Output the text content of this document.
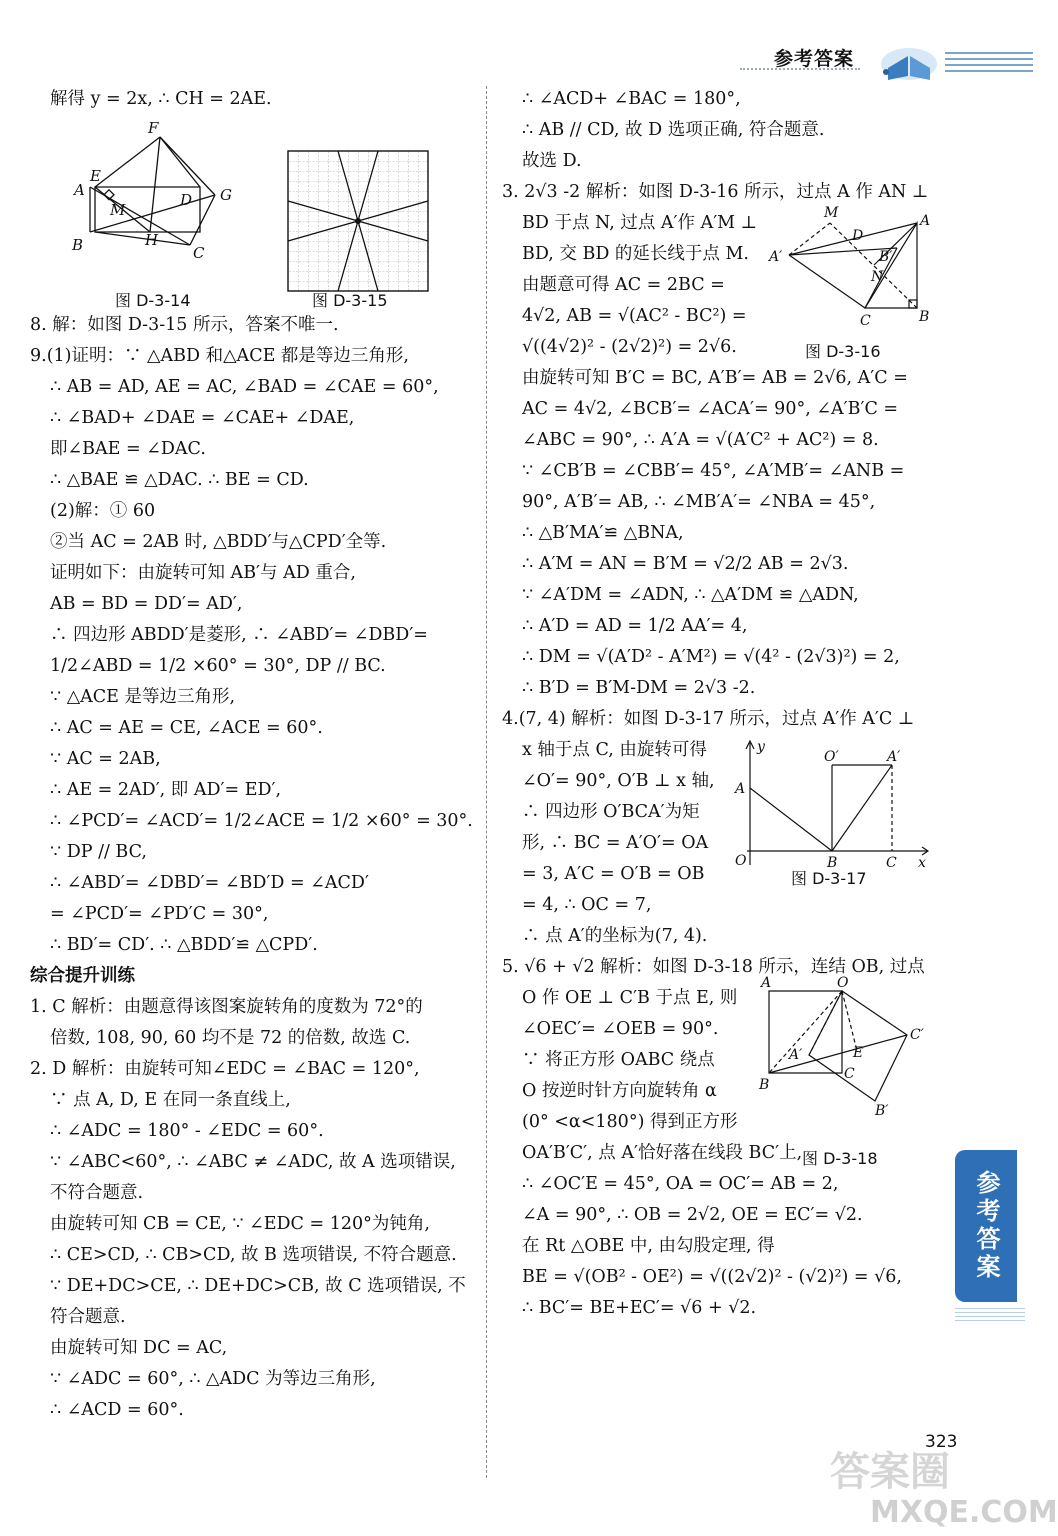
参考答案
解得 y = 2x, ∴ CH = 2AE.
F
E
A
M
D G
H
B	C
图 D-3-14	图 D-3-15
8. 解：如图 D-3-15 所示，答案不唯一.
9.(1)证明：∵ △ABD 和△ACE 都是等边三角形,
∴ AB = AD, AE = AC, ∠BAD = ∠CAE = 60°,
∴ ∠BAD+ ∠DAE = ∠CAE+ ∠DAE,
即∠BAE = ∠DAC.
∴ △BAE ≌ △DAC. ∴ BE = CD.
(2)解：① 60
②当 AC = 2AB 时, △BDD′与△CPD′全等.
证明如下：由旋转可知 AB′与 AD 重合,
AB = BD = DD′= AD′,
∴ 四边形 ABDD′是菱形, ∴ ∠ABD′= ∠DBD′=
1/2∠ABD = 1/2 ×60° = 30°, DP // BC.
∵ △ACE 是等边三角形,
∴ AC = AE = CE, ∠ACE = 60°.
∵ AC = 2AB,
∴ AE = 2AD′, 即 AD′= ED′,
∴ ∠PCD′= ∠ACD′= 1/2∠ACE = 1/2 ×60° = 30°.
∵ DP // BC,
∴ ∠ABD′= ∠DBD′= ∠BD′D = ∠ACD′
= ∠PCD′= ∠PD′C = 30°,
∴ BD′= CD′. ∴ △BDD′≌ △CPD′.
综合提升训练
1. C 解析：由题意得该图案旋转角的度数为 72°的
倍数, 108, 90, 60 均不是 72 的倍数, 故选 C.
2. D 解析：由旋转可知∠EDC = ∠BAC = 120°,
∵ 点 A, D, E 在同一条直线上,
∴ ∠ADC = 180° - ∠EDC = 60°.
∵ ∠ABC<60°, ∴ ∠ABC ≠ ∠ADC, 故 A 选项错误,
不符合题意.
由旋转可知 CB = CE, ∵ ∠EDC = 120°为钝角,
∴ CE>CD, ∴ CB>CD, 故 B 选项错误, 不符合题意.
∵ DE+DC>CE, ∴ DE+DC>CB, 故 C 选项错误, 不
符合题意.
由旋转可知 DC = AC,
∵ ∠ADC = 60°, ∴ △ADC 为等边三角形,
∴ ∠ACD = 60°.
∴ ∠ACD+ ∠BAC = 180°,
∴ AB // CD, 故 D 选项正确, 符合题意.
故选 D.
3. 2√3 -2 解析：如图 D-3-16 所示，过点 A 作 AN ⊥
BD 于点 N, 过点 A′作 A′M ⊥
BD, 交 BD 的延长线于点 M.
由题意可得 AC = 2BC =
4√2, AB = √(AC² - BC²) =
√((4√2)² - (2√2)²) = 2√6.
M
D
A
A′	B′
N
C	B
图 D-3-16
由旋转可知 B′C = BC, A′B′= AB = 2√6, A′C =
AC = 4√2, ∠BCB′= ∠ACA′= 90°, ∠A′B′C =
∠ABC = 90°, ∴ A′A = √(A′C² + AC²) = 8.
∵ ∠CB′B = ∠CBB′= 45°, ∠A′MB′= ∠ANB =
90°, A′B′= AB, ∴ ∠MB′A′= ∠NBA = 45°,
∴ △B′MA′≌ △BNA,
∴ A′M = AN = B′M = √2/2 AB = 2√3.
∵ ∠A′DM = ∠ADN, ∴ △A′DM ≌ △ADN,
∴ A′D = AD = 1/2 AA′= 4,
∴ DM = √(A′D² - A′M²) = √(4² - (2√3)²) = 2,
∴ B′D = B′M-DM = 2√3 -2.
4.(7, 4) 解析：如图 D-3-17 所示，过点 A′作 A′C ⊥
x 轴于点 C, 由旋转可得
∠O′= 90°, O′B ⊥ x 轴,
∴ 四边形 O′BCA′为矩
形, ∴ BC = A′O′= OA
= 3, A′C = O′B = OB
= 4, ∴ OC = 7,
∴ 点 A′的坐标为(7, 4).
y
O′	A′
A
O	B	C x
图 D-3-17
5. √6 + √2 解析：如图 D-3-18 所示，连结 OB, 过点
O 作 OE ⊥ C′B 于点 E, 则
∠OEC′= ∠OEB = 90°.
∵ 将正方形 OABC 绕点
O 按逆时针方向旋转角 α
(0° <α<180°) 得到正方形
OA′B′C′, 点 A′恰好落在线段 BC′上,
A	O
C′
A′	E
B
C
B′
图 D-3-18
∴ ∠OC′E = 45°, OA = OC′= AB = 2,
∠A = 90°, ∴ OB = 2√2, OE = EC′= √2.
在 Rt △OBE 中, 由勾股定理, 得
BE = √(OB² - OE²) = √((2√2)² - (√2)²) = √6,
∴ BC′= BE+EC′= √6 + √2.
参考答案
答案圈
MXQE.COM
323
